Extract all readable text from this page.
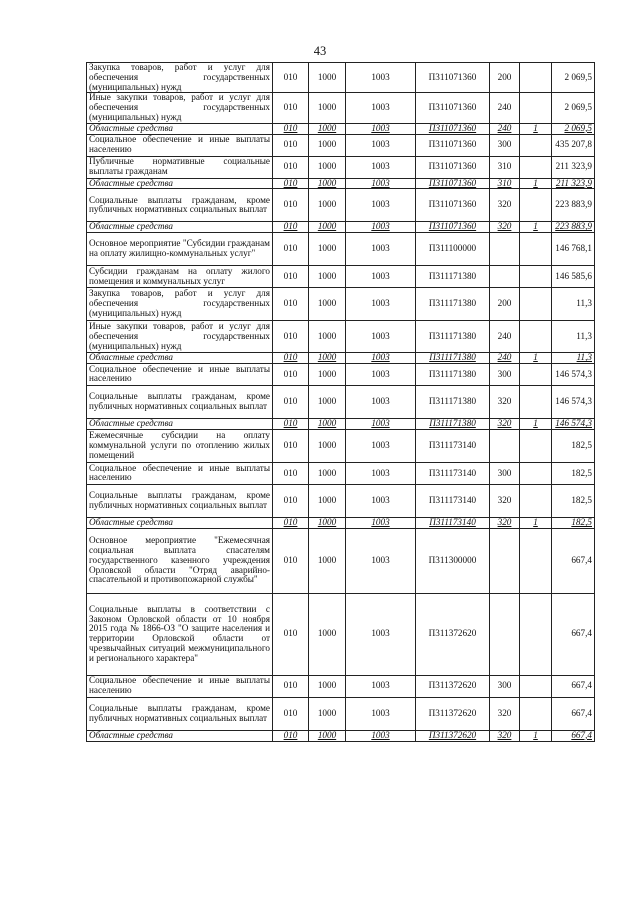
43
Закупка товаров, работ и услуг для обеспечения государственных (муниципальных) нужд	010	1000	1003	П311071360	200		2 069,5
Иные закупки товаров, работ и услуг для обеспечения государственных (муниципальных) нужд	010	1000	1003	П311071360	240		2 069,5
Областные средства	010	1000	1003	П311071360	240	1	2 069,5
Социальное обеспечение и иные выплаты населению	010	1000	1003	П311071360	300		435 207,8
Публичные нормативные социальные выплаты гражданам	010	1000	1003	П311071360	310		211 323,9
Областные средства	010	1000	1003	П311071360	310	1	211 323,9
Социальные выплаты гражданам, кроме публичных нормативных социальных выплат	010	1000	1003	П311071360	320		223 883,9
Областные средства	010	1000	1003	П311071360	320	1	223 883,9
Основное мероприятие "Субсидии гражданам на оплату жилищно-коммунальных услуг"	010	1000	1003	П311100000			146 768,1
Субсидии гражданам на оплату жилого помещения и коммунальных услуг	010	1000	1003	П311171380			146 585,6
Закупка товаров, работ и услуг для обеспечения государственных (муниципальных) нужд	010	1000	1003	П311171380	200		11,3
Иные закупки товаров, работ и услуг для обеспечения государственных (муниципальных) нужд	010	1000	1003	П311171380	240		11,3
Областные средства	010	1000	1003	П311171380	240	1	11,3
Социальное обеспечение и иные выплаты населению	010	1000	1003	П311171380	300		146 574,3
Социальные выплаты гражданам, кроме публичных нормативных социальных выплат	010	1000	1003	П311171380	320		146 574,3
Областные средства	010	1000	1003	П311171380	320	1	146 574,3
Ежемесячные субсидии на оплату коммунальной услуги по отоплению жилых помещений	010	1000	1003	П311173140			182,5
Социальное обеспечение и иные выплаты населению	010	1000	1003	П311173140	300		182,5
Социальные выплаты гражданам, кроме публичных нормативных социальных выплат	010	1000	1003	П311173140	320		182,5
Областные средства	010	1000	1003	П311173140	320	1	182,5
Основное мероприятие "Ежемесячная социальная выплата спасателям государственного казенного учреждения Орловской области "Отряд аварийно-спасательной и противопожарной службы"	010	1000	1003	П311300000			667,4
Социальные выплаты в соответствии с Законом Орловской области от 10 ноября 2015 года № 1866-ОЗ "О защите населения и территории Орловской области от чрезвычайных ситуаций межмуниципального и регионального характера"	010	1000	1003	П311372620			667,4
Социальное обеспечение и иные выплаты населению	010	1000	1003	П311372620	300		667,4
Социальные выплаты гражданам, кроме публичных нормативных социальных выплат	010	1000	1003	П311372620	320		667,4
Областные средства	010	1000	1003	П311372620	320	1	667,4
